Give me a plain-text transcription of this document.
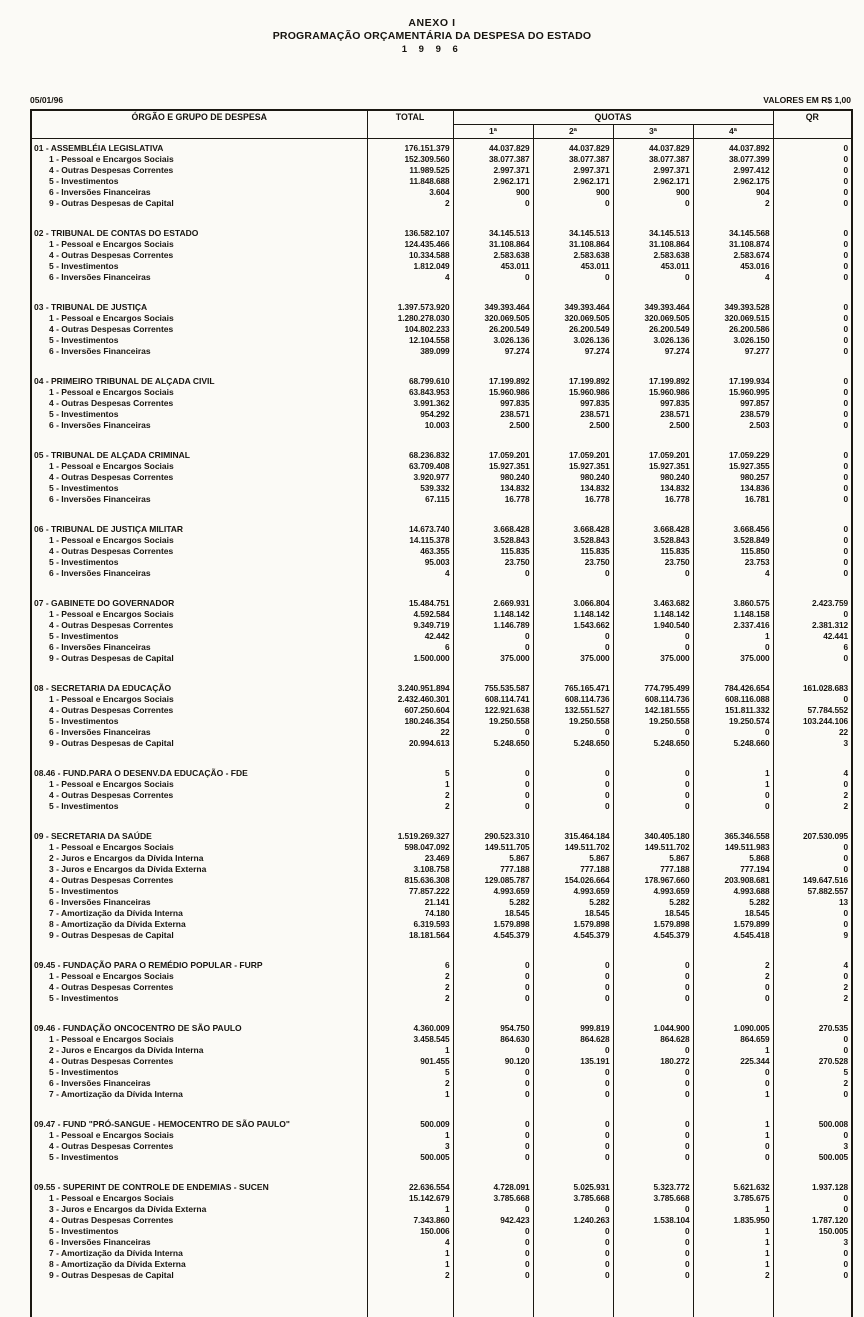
ANEXO I
PROGRAMAÇÃO ORÇAMENTÁRIA DA DESPESA DO ESTADO
1 9 9 6
05/01/96	VALORES EM R$ 1,00
ÓRGÃO E GRUPO DE DESPESA	TOTAL	QUOTAS				QR
		1ª	2ª	3ª	4ª	
01 - ASSEMBLÉIA LEGISLATIVA	176.151.379	44.037.829	44.037.829	44.037.829	44.037.892	0
1 - Pessoal e Encargos Sociais	152.309.560	38.077.387	38.077.387	38.077.387	38.077.399	0
4 - Outras Despesas Correntes	11.989.525	2.997.371	2.997.371	2.997.371	2.997.412	0
5 - Investimentos	11.848.688	2.962.171	2.962.171	2.962.171	2.962.175	0
6 - Inversões Financeiras	3.604	900	900	900	904	0
9 - Outras Despesas de Capital	2	0	0	0	2	0

02 - TRIBUNAL DE CONTAS DO ESTADO	136.582.107	34.145.513	34.145.513	34.145.513	34.145.568	0
1 - Pessoal e Encargos Sociais	124.435.466	31.108.864	31.108.864	31.108.864	31.108.874	0
4 - Outras Despesas Correntes	10.334.588	2.583.638	2.583.638	2.583.638	2.583.674	0
5 - Investimentos	1.812.049	453.011	453.011	453.011	453.016	0
6 - Inversões Financeiras	4	0	0	0	4	0

03 - TRIBUNAL DE JUSTIÇA	1.397.573.920	349.393.464	349.393.464	349.393.464	349.393.528	0
1 - Pessoal e Encargos Sociais	1.280.278.030	320.069.505	320.069.505	320.069.505	320.069.515	0
4 - Outras Despesas Correntes	104.802.233	26.200.549	26.200.549	26.200.549	26.200.586	0
5 - Investimentos	12.104.558	3.026.136	3.026.136	3.026.136	3.026.150	0
6 - Inversões Financeiras	389.099	97.274	97.274	97.274	97.277	0

04 - PRIMEIRO TRIBUNAL DE ALÇADA CIVIL	68.799.610	17.199.892	17.199.892	17.199.892	17.199.934	0
1 - Pessoal e Encargos Sociais	63.843.953	15.960.986	15.960.986	15.960.986	15.960.995	0
4 - Outras Despesas Correntes	3.991.362	997.835	997.835	997.835	997.857	0
5 - Investimentos	954.292	238.571	238.571	238.571	238.579	0
6 - Inversões Financeiras	10.003	2.500	2.500	2.500	2.503	0

05 - TRIBUNAL DE ALÇADA CRIMINAL	68.236.832	17.059.201	17.059.201	17.059.201	17.059.229	0
1 - Pessoal e Encargos Sociais	63.709.408	15.927.351	15.927.351	15.927.351	15.927.355	0
4 - Outras Despesas Correntes	3.920.977	980.240	980.240	980.240	980.257	0
5 - Investimentos	539.332	134.832	134.832	134.832	134.836	0
6 - Inversões Financeiras	67.115	16.778	16.778	16.778	16.781	0

06 - TRIBUNAL DE JUSTIÇA MILITAR	14.673.740	3.668.428	3.668.428	3.668.428	3.668.456	0
1 - Pessoal e Encargos Sociais	14.115.378	3.528.843	3.528.843	3.528.843	3.528.849	0
4 - Outras Despesas Correntes	463.355	115.835	115.835	115.835	115.850	0
5 - Investimentos	95.003	23.750	23.750	23.750	23.753	0
6 - Inversões Financeiras	4	0	0	0	4	0

07 - GABINETE DO GOVERNADOR	15.484.751	2.669.931	3.066.804	3.463.682	3.860.575	2.423.759
1 - Pessoal e Encargos Sociais	4.592.584	1.148.142	1.148.142	1.148.142	1.148.158	0
4 - Outras Despesas Correntes	9.349.719	1.146.789	1.543.662	1.940.540	2.337.416	2.381.312
5 - Investimentos	42.442	0	0	0	1	42.441
6 - Inversões Financeiras	6	0	0	0	0	6
9 - Outras Despesas de Capital	1.500.000	375.000	375.000	375.000	375.000	0

08 - SECRETARIA DA EDUCAÇÃO	3.240.951.894	755.535.587	765.165.471	774.795.499	784.426.654	161.028.683
1 - Pessoal e Encargos Sociais	2.432.460.301	608.114.741	608.114.736	608.114.736	608.116.088	0
4 - Outras Despesas Correntes	607.250.604	122.921.638	132.551.527	142.181.555	151.811.332	57.784.552
5 - Investimentos	180.246.354	19.250.558	19.250.558	19.250.558	19.250.574	103.244.106
6 - Inversões Financeiras	22	0	0	0	0	22
9 - Outras Despesas de Capital	20.994.613	5.248.650	5.248.650	5.248.650	5.248.660	3

08.46 - FUND.PARA O DESENV.DA EDUCAÇÃO - FDE	5	0	0	0	1	4
1 - Pessoal e Encargos Sociais	1	0	0	0	1	0
4 - Outras Despesas Correntes	2	0	0	0	0	2
5 - Investimentos	2	0	0	0	0	2

09 - SECRETARIA DA SAÚDE	1.519.269.327	290.523.310	315.464.184	340.405.180	365.346.558	207.530.095
1 - Pessoal e Encargos Sociais	598.047.092	149.511.705	149.511.702	149.511.702	149.511.983	0
2 - Juros e Encargos da Dívida Interna	23.469	5.867	5.867	5.867	5.868	0
3 - Juros e Encargos da Dívida Externa	3.108.758	777.188	777.188	777.188	777.194	0
4 - Outras Despesas Correntes	815.636.308	129.085.787	154.026.664	178.967.660	203.908.681	149.647.516
5 - Investimentos	77.857.222	4.993.659	4.993.659	4.993.659	4.993.688	57.882.557
6 - Inversões Financeiras	21.141	5.282	5.282	5.282	5.282	13
7 - Amortização da Dívida Interna	74.180	18.545	18.545	18.545	18.545	0
8 - Amortização da Dívida Externa	6.319.593	1.579.898	1.579.898	1.579.898	1.579.899	0
9 - Outras Despesas de Capital	18.181.564	4.545.379	4.545.379	4.545.379	4.545.418	9

09.45 - FUNDAÇÃO PARA O REMÉDIO POPULAR - FURP	6	0	0	0	2	4
1 - Pessoal e Encargos Sociais	2	0	0	0	2	0
4 - Outras Despesas Correntes	2	0	0	0	0	2
5 - Investimentos	2	0	0	0	0	2

09.46 - FUNDAÇÃO ONCOCENTRO DE SÃO PAULO	4.360.009	954.750	999.819	1.044.900	1.090.005	270.535
1 - Pessoal e Encargos Sociais	3.458.545	864.630	864.628	864.628	864.659	0
2 - Juros e Encargos da Dívida Interna	1	0	0	0	1	0
4 - Outras Despesas Correntes	901.455	90.120	135.191	180.272	225.344	270.528
5 - Investimentos	5	0	0	0	0	5
6 - Inversões Financeiras	2	0	0	0	0	2
7 - Amortização da Dívida Interna	1	0	0	0	1	0

09.47 - FUND "PRÓ-SANGUE - HEMOCENTRO DE SÃO PAULO"	500.009	0	0	0	1	500.008
1 - Pessoal e Encargos Sociais	1	0	0	0	1	0
4 - Outras Despesas Correntes	3	0	0	0	0	3
5 - Investimentos	500.005	0	0	0	0	500.005

09.55 - SUPERINT DE CONTROLE DE ENDEMIAS - SUCEN	22.636.554	4.728.091	5.025.931	5.323.772	5.621.632	1.937.128
1 - Pessoal e Encargos Sociais	15.142.679	3.785.668	3.785.668	3.785.668	3.785.675	0
3 - Juros e Encargos da Dívida Externa	1	0	0	0	1	0
4 - Outras Despesas Correntes	7.343.860	942.423	1.240.263	1.538.104	1.835.950	1.787.120
5 - Investimentos	150.006	0	0	0	1	150.005
6 - Inversões Financeiras	4	0	0	0	1	3
7 - Amortização da Dívida Interna	1	0	0	0	1	0
8 - Amortização da Dívida Externa	1	0	0	0	1	0
9 - Outras Despesas de Capital	2	0	0	0	2	0
